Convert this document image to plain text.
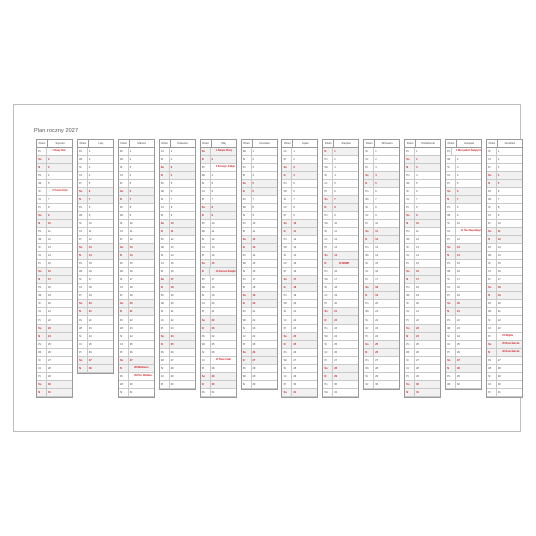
Plan roczny 2027
Dzień	Styczeń
Pt	1 Nowy Rok
So	2
N	3
Pn	4
Wt	5
Śr	6 Trzech Króli
Cz	7
Pt	8
So	9
N	10
Pn	11
Wt	12
Śr	13
Cz	14
Pt	15
So	16
N	17
Pn	18
Wt	19
Śr	20
Cz	21
Pt	22
So	23
N	24
Pn	25
Wt	26
Śr	27
Cz	28
Pt	29
So	30
N	31
Dzień	Luty
Pn	1
Wt	2
Śr	3
Cz	4
Pt	5
So	6
N	7
Pn	8
Wt	9
Śr	10
Cz	11
Pt	12
So	13
N	14
Pn	15
Wt	16
Śr	17
Cz	18
Pt	19
So	20
N	21
Pn	22
Wt	23
Śr	24
Cz	25
Pt	26
So	27
N	28
Dzień	Marzec
Pn	1
Wt	2
Śr	3
Cz	4
Pt	5
So	6
N	7
Pn	8
Wt	9
Śr	10
Cz	11
Pt	12
So	13
N	14
Pn	15
Wt	16
Śr	17
Cz	18
Pt	19
So	20
N	21
Pn	22
Wt	23
Śr	24
Cz	25
Pt	26
So	27
N	28 Wielkanoc
Pn	29 Pon. Wielkan.
Wt	30
Śr	31
Dzień	Kwiecień
Cz	1
Pt	2
So	3
N	4
Pn	5
Wt	6
Śr	7
Cz	8
Pt	9
So	10
N	11
Pn	12
Wt	13
Śr	14
Cz	15
Pt	16
So	17
N	18
Pn	19
Wt	20
Śr	21
Cz	22
Pt	23
So	24
N	25
Pn	26
Wt	27
Śr	28
Cz	29
Pt	30
Dzień	Maj
So	1 Święto Pracy
N	2
Pn	3 Konstyt. 3 Maja
Wt	4
Śr	5
Cz	6
Pt	7
So	8
N	9
Pn	10
Wt	11
Śr	12
Cz	13
Pt	14
So	15
N	16 Zielone Świątki
Pn	17
Wt	18
Śr	19
Cz	20
Pt	21
So	22
N	23
Pn	24
Wt	25
Śr	26
Cz	27 Boże Ciało
Pt	28
So	29
N	30
Pn	31
Dzień	Czerwiec
Wt	1
Śr	2
Cz	3
Pt	4
So	5
N	6
Pn	7
Wt	8
Śr	9
Cz	10
Pt	11
So	12
N	13
Pn	14
Wt	15
Śr	16
Cz	17
Pt	18
So	19
N	20
Pn	21
Wt	22
Śr	23
Cz	24
Pt	25
So	26
N	27
Pn	28
Wt	29
Śr	30
Dzień	Lipiec
Cz	1
Pt	2
So	3
N	4
Pn	5
Wt	6
Śr	7
Cz	8
Pt	9
So	10
N	11
Pn	12
Wt	13
Śr	14
Cz	15
Pt	16
So	17
N	18
Pn	19
Wt	20
Śr	21
Cz	22
Pt	23
So	24
N	25
Pn	26
Wt	27
Śr	28
Cz	29
Pt	30
So	31
Dzień	Sierpień
N	1
Pn	2
Wt	3
Śr	4
Cz	5
Pt	6
So	7
N	8
Pn	9
Wt	10
Śr	11
Cz	12
Pt	13
So	14
N	15 WNMP
Pn	16
Wt	17
Śr	18
Cz	19
Pt	20
So	21
N	22
Pn	23
Wt	24
Śr	25
Cz	26
Pt	27
So	28
N	29
Pn	30
Wt	31
Dzień	Wrzesień
Śr	1
Cz	2
Pt	3
So	4
N	5
Pn	6
Wt	7
Śr	8
Cz	9
Pt	10
So	11
N	12
Pn	13
Wt	14
Śr	15
Cz	16
Pt	17
So	18
N	19
Pn	20
Wt	21
Śr	22
Cz	23
Pt	24
So	25
N	26
Pn	27
Wt	28
Śr	29
Cz	30
Dzień	Październik
Pt	1
So	2
N	3
Pn	4
Wt	5
Śr	6
Cz	7
Pt	8
So	9
N	10
Pn	11
Wt	12
Śr	13
Cz	14
Pt	15
So	16
N	17
Pn	18
Wt	19
Śr	20
Cz	21
Pt	22
So	23
N	24
Pn	25
Wt	26
Śr	27
Cz	28
Pt	29
So	30
N	31
Dzień	Listopad
Pn	1 Wszystkich Świętych
Wt	2
Śr	3
Cz	4
Pt	5
So	6
N	7
Pn	8
Wt	9
Śr	10
Cz	11 Św. Niepodległ.
Pt	12
So	13
N	14
Pn	15
Wt	16
Śr	17
Cz	18
Pt	19
So	20
N	21
Pn	22
Wt	23
Śr	24
Cz	25
Pt	26
So	27
N	28
Pn	29
Wt	30
Dzień	Grudzień
Śr	1
Cz	2
Pt	3
So	4
N	5
Pn	6
Wt	7
Śr	8
Cz	9
Pt	10
So	11
N	12
Pn	13
Wt	14
Śr	15
Cz	16
Pt	17
So	18
N	19
Pn	20
Wt	21
Śr	22
Cz	23
Pt	24 Wigilia
So	25 Boże Narodz.
N	26 Boże Narodz.
Pn	27
Wt	28
Śr	29
Cz	30
Pt	31
